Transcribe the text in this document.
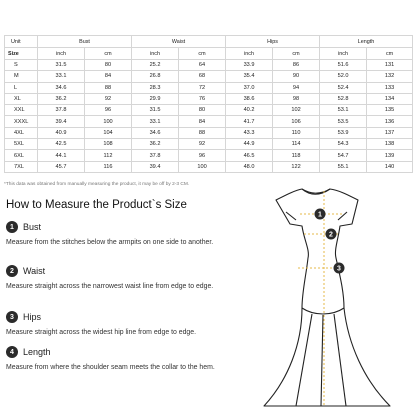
Unit	Bust		Waist		Hips		Length	
Size	inch	cm	inch	cm	inch	cm	inch	cm
S	31.5	80	25.2	64	33.9	86	51.6	131
M	33.1	84	26.8	68	35.4	90	52.0	132
L	34.6	88	28.3	72	37.0	94	52.4	133
XL	36.2	92	29.9	76	38.6	98	52.8	134
XXL	37.8	96	31.5	80	40.2	102	53.1	135
XXXL	39.4	100	33.1	84	41.7	106	53.5	136
4XL	40.9	104	34.6	88	43.3	110	53.9	137
5XL	42.5	108	36.2	92	44.9	114	54.3	138
6XL	44.1	112	37.8	96	46.5	118	54.7	139
7XL	45.7	116	39.4	100	48.0	122	55.1	140
*This data was obtained from manually measuring the product, it may be off by 2-3 CM.
How to Measure the Product`s Size
1	Bust
Measure from the stitches below the armpits on one side to another.
2	Waist
Measure straight across the narrowest waist line from edge to edge.
3	Hips
Measure straight across the widest hip line from edge to edge.
4	Length
Measure from where the shoulder seam meets the collar to the hem.
1
2
3
